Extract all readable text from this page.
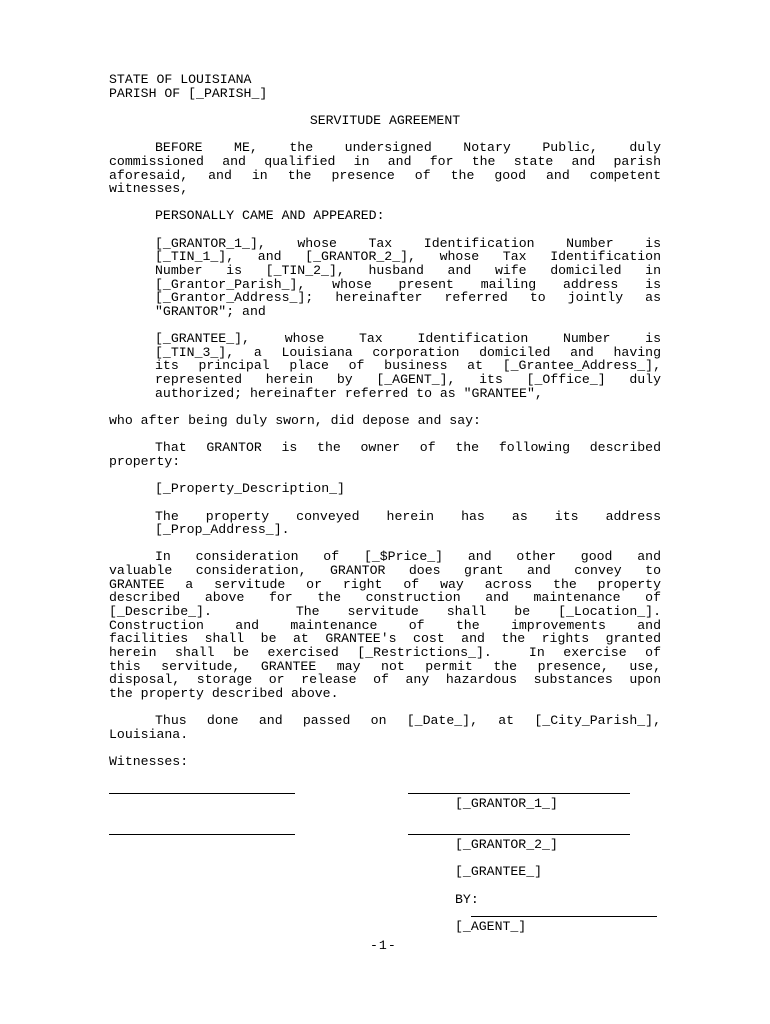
STATE OF LOUISIANA
PARISH OF [_PARISH_]
SERVITUDE AGREEMENT
BEFORE ME, the undersigned Notary Public, duly
commissioned and qualified in and for the state and parish
aforesaid, and in the presence of the good and competent
witnesses,
PERSONALLY CAME AND APPEARED:
[_GRANTOR_1_], whose Tax Identification Number is
[_TIN_1_], and [_GRANTOR_2_], whose Tax Identification
Number is [_TIN_2_], husband and wife domiciled in
[_Grantor_Parish_], whose present mailing address is
[_Grantor_Address_]; hereinafter referred to jointly as
"GRANTOR"; and
[_GRANTEE_], whose Tax Identification Number is
[_TIN_3_], a Louisiana corporation domiciled and having
its principal place of business at [_Grantee_Address_],
represented herein by [_AGENT_], its [_Office_] duly
authorized; hereinafter referred to as "GRANTEE",
who after being duly sworn, did depose and say:
That GRANTOR is the owner of the following described
property:
[_Property_Description_]
The property conveyed herein has as its address
[_Prop_Address_].
In consideration of [_$Price_] and other good and
valuable consideration, GRANTOR does grant and convey to
GRANTEE a servitude or right of way across the property
described above for the construction and maintenance of
[_Describe_].   The servitude shall be [_Location_].
Construction and maintenance of the improvements and
facilities shall be at GRANTEE's cost and the rights granted
herein shall be exercised [_Restrictions_].  In exercise of
this servitude, GRANTEE may not permit the presence, use,
disposal, storage or release of any hazardous substances upon
the property described above.
Thus done and passed on [_Date_], at [_City_Parish_],
Louisiana.
Witnesses:
[_GRANTOR_1_]
[_GRANTOR_2_]
[_GRANTEE_]
BY:
[_AGENT_]
-1-
